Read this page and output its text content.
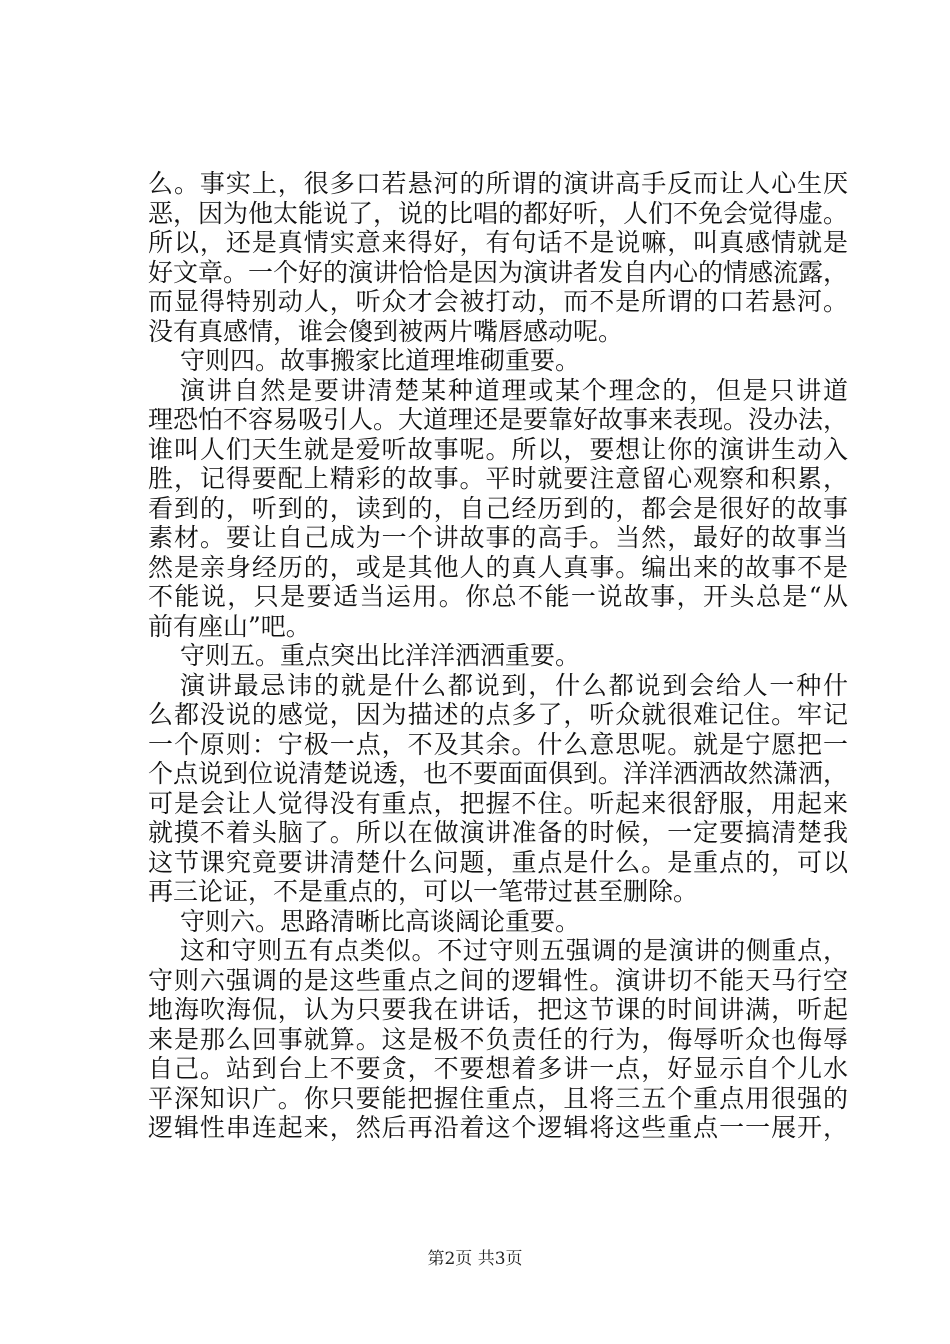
么。事实上，很多口若悬河的所谓的演讲高手反而让人心生厌
恶，因为他太能说了，说的比唱的都好听，人们不免会觉得虚。
所以，还是真情实意来得好，有句话不是说嘛，叫真感情就是
好文章。一个好的演讲恰恰是因为演讲者发自内心的情感流露，
而显得特别动人，听众才会被打动，而不是所谓的口若悬河。
没有真感情，谁会傻到被两片嘴唇感动呢。
守则四。故事搬家比道理堆砌重要。
演讲自然是要讲清楚某种道理或某个理念的，但是只讲道
理恐怕不容易吸引人。大道理还是要靠好故事来表现。没办法，
谁叫人们天生就是爱听故事呢。所以，要想让你的演讲生动入
胜，记得要配上精彩的故事。平时就要注意留心观察和积累，
看到的，听到的，读到的，自己经历到的，都会是很好的故事
素材。要让自己成为一个讲故事的高手。当然，最好的故事当
然是亲身经历的，或是其他人的真人真事。编出来的故事不是
不能说，只是要适当运用。你总不能一说故事，开头总是“从
前有座山”吧。
守则五。重点突出比洋洋洒洒重要。
演讲最忌讳的就是什么都说到，什么都说到会给人一种什
么都没说的感觉，因为描述的点多了，听众就很难记住。牢记
一个原则：宁极一点，不及其余。什么意思呢。就是宁愿把一
个点说到位说清楚说透，也不要面面俱到。洋洋洒洒故然潇洒，
可是会让人觉得没有重点，把握不住。听起来很舒服，用起来
就摸不着头脑了。所以在做演讲准备的时候，一定要搞清楚我
这节课究竟要讲清楚什么问题，重点是什么。是重点的，可以
再三论证，不是重点的，可以一笔带过甚至删除。
守则六。思路清晰比高谈阔论重要。
这和守则五有点类似。不过守则五强调的是演讲的侧重点，
守则六强调的是这些重点之间的逻辑性。演讲切不能天马行空
地海吹海侃，认为只要我在讲话，把这节课的时间讲满，听起
来是那么回事就算。这是极不负责任的行为，侮辱听众也侮辱
自己。站到台上不要贪，不要想着多讲一点，好显示自个儿水
平深知识广。你只要能把握住重点，且将三五个重点用很强的
逻辑性串连起来，然后再沿着这个逻辑将这些重点一一展开，
第2页 共3页
